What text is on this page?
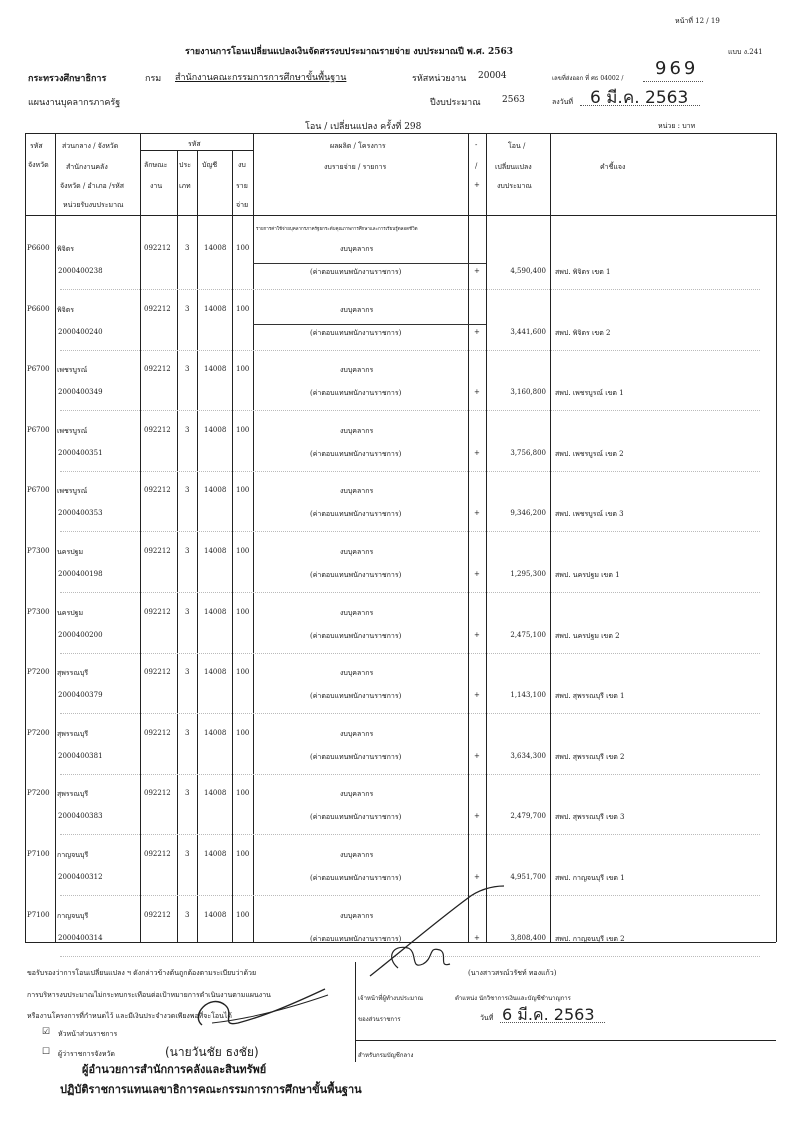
หน้าที่ 12 / 19
รายงานการโอนเปลี่ยนแปลงเงินจัดสรรงบประมาณรายจ่าย งบประมาณปี พ.ศ. 2563	แบบ ง.241
กระทรวงศึกษาธิการ	กรม สำนักงานคณะกรรมการการศึกษาขั้นพื้นฐาน	รหัสหน่วยงาน 20004	เลขที่ส่งออก ที่ ศธ 04002 / 969
แผนงานบุคลากรภาครัฐ	ปีงบประมาณ 2563	ลงวันที่ 6 มี.ค. 2563
โอน / เปลี่ยนแปลง ครั้งที่ 298	หน่วย : บาท
รหัส
จังหวัด
ส่วนกลาง / จังหวัด
สำนักงานคลัง
จังหวัด / อำเภอ /รหัส
หน่วยรับงบประมาณ
รหัส
ลักษณะ
งาน
ประ
เภท
บัญชี	งบ
ราย
จ่าย
ผลผลิต / โครงการ
งบรายจ่าย / รายการ
-
/
+
โอน /
เปลี่ยนแปลง
งบประมาณ
คำชี้แจง
รายการค่าใช้จ่ายบุคลากรภาครัฐยกระดับคุณภาพการศึกษาและการเรียนรู้ตลอดชีวิต
P6600 พิจิตร
2000400238
092212 3 14008 100	งบบุคลากร
(ค่าตอบแทนพนักงานราชการ)	+	4,590,400 สพป. พิจิตร เขต 1
P6600 พิจิตร
2000400240
092212 3 14008 100	งบบุคลากร
(ค่าตอบแทนพนักงานราชการ)	+	3,441,600 สพป. พิจิตร เขต 2
P6700 เพชรบูรณ์
2000400349
092212 3 14008 100	งบบุคลากร
(ค่าตอบแทนพนักงานราชการ)	+	3,160,800 สพป. เพชรบูรณ์ เขต 1
P6700 เพชรบูรณ์
2000400351
092212 3 14008 100	งบบุคลากร
(ค่าตอบแทนพนักงานราชการ)	+	3,756,800 สพป. เพชรบูรณ์ เขต 2
P6700 เพชรบูรณ์
2000400353
092212 3 14008 100	งบบุคลากร
(ค่าตอบแทนพนักงานราชการ)	+	9,346,200 สพป. เพชรบูรณ์ เขต 3
P7300 นครปฐม
2000400198
092212 3 14008 100	งบบุคลากร
(ค่าตอบแทนพนักงานราชการ)	+	1,295,300 สพป. นครปฐม เขต 1
P7300 นครปฐม
2000400200
092212 3 14008 100	งบบุคลากร
(ค่าตอบแทนพนักงานราชการ)	+	2,475,100 สพป. นครปฐม เขต 2
P7200 สุพรรณบุรี
2000400379
092212 3 14008 100	งบบุคลากร
(ค่าตอบแทนพนักงานราชการ)	+	1,143,100 สพป. สุพรรณบุรี เขต 1
P7200 สุพรรณบุรี
2000400381
092212 3 14008 100	งบบุคลากร
(ค่าตอบแทนพนักงานราชการ)	+	3,634,300 สพป. สุพรรณบุรี เขต 2
P7200 สุพรรณบุรี
2000400383
092212 3 14008 100	งบบุคลากร
(ค่าตอบแทนพนักงานราชการ)	+	2,479,700 สพป. สุพรรณบุรี เขต 3
P7100 กาญจนบุรี
2000400312
092212 3 14008 100	งบบุคลากร
(ค่าตอบแทนพนักงานราชการ)	+	4,951,700 สพป. กาญจนบุรี เขต 1
P7100 กาญจนบุรี
2000400314
092212 3 14008 100	งบบุคลากร
(ค่าตอบแทนพนักงานราชการ)	+	3,808,400 สพป. กาญจนบุรี เขต 2
ขอรับรองว่าการโอนเปลี่ยนแปลง ฯ ดังกล่าวข้างต้นถูกต้องตามระเบียบว่าด้วย
การบริหารงบประมาณไม่กระทบกระเทือนต่อเป้าหมายการดำเนินงานตามแผนงาน
หรืองานโครงการที่กำหนดไว้ และมีเงินประจำงวดเพียงพอที่จะโอนได้
☑ หัวหน้าส่วนราชการ
☐ ผู้ว่าราชการจังหวัด	(นายวันชัย ธงชัย)
ผู้อำนวยการสำนักการคลังและสินทรัพย์
ปฏิบัติราชการแทนเลขาธิการคณะกรรมการการศึกษาขั้นพื้นฐาน
(นางสาวสรณ์วรัชท์ ทองแก้ว)
เจ้าหน้าที่ผู้ทำงบประมาณ	ตำแหน่ง นักวิชาการเงินและบัญชีชำนาญการ
ของส่วนราชการ	วันที่ 6 มี.ค. 2563
สำหรับกรมบัญชีกลาง
